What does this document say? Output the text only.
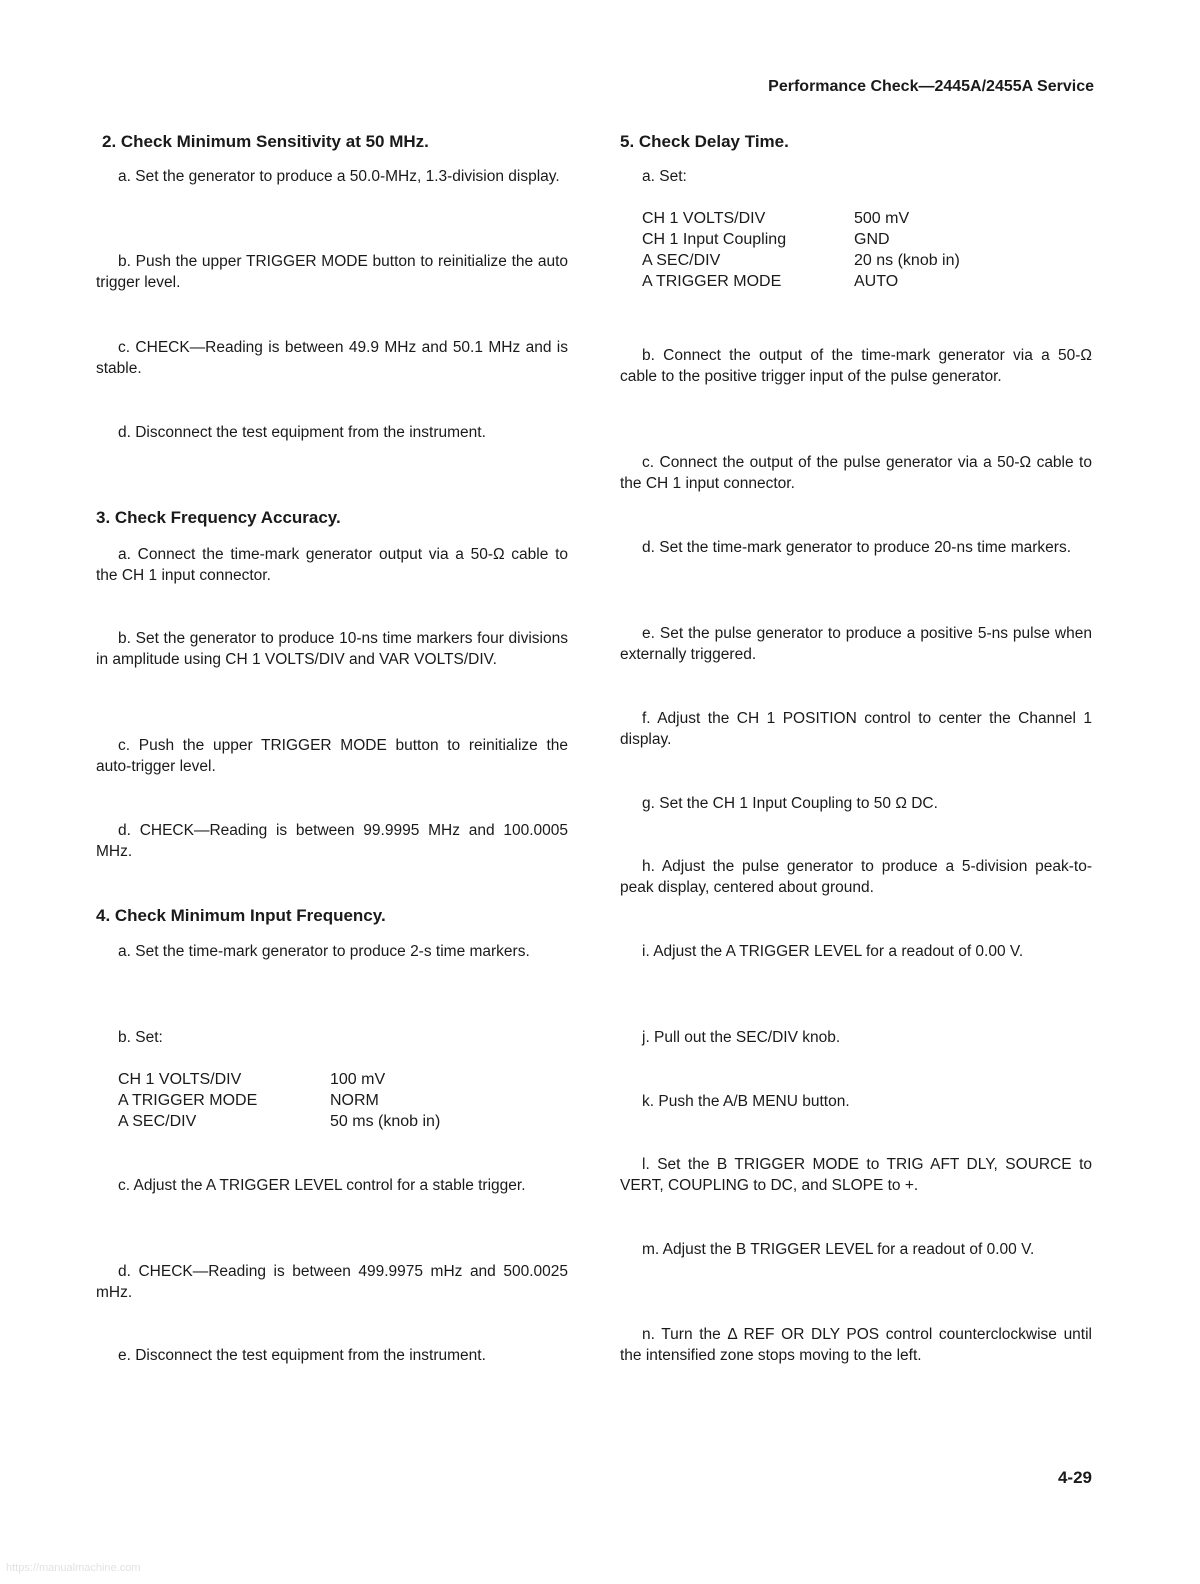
Performance Check—2445A/2455A Service
2. Check Minimum Sensitivity at 50 MHz.

a. Set the generator to produce a 50.0-MHz, 1.3-division display.

b. Push the upper TRIGGER MODE button to reinitialize the auto trigger level.

c. CHECK—Reading is between 49.9 MHz and 50.1 MHz and is stable.

d. Disconnect the test equipment from the instrument.

3. Check Frequency Accuracy.

a. Connect the time-mark generator output via a 50-Ω cable to the CH 1 input connector.

b. Set the generator to produce 10-ns time markers four divisions in amplitude using CH 1 VOLTS/DIV and VAR VOLTS/DIV.

c. Push the upper TRIGGER MODE button to reinitialize the auto-trigger level.

d. CHECK—Reading is between 99.9995 MHz and 100.0005 MHz.

4. Check Minimum Input Frequency.

a. Set the time-mark generator to produce 2-s time markers.

b. Set:

CH 1 VOLTS/DIV	100 mV
A TRIGGER MODE	NORM
A SEC/DIV	50 ms (knob in)

c. Adjust the A TRIGGER LEVEL control for a stable trigger.

d. CHECK—Reading is between 499.9975 mHz and 500.0025 mHz.

e. Disconnect the test equipment from the instrument.

5. Check Delay Time.

a. Set:

CH 1 VOLTS/DIV	500 mV
CH 1 Input Coupling	GND
A SEC/DIV	20 ns (knob in)
A TRIGGER MODE	AUTO

b. Connect the output of the time-mark generator via a 50-Ω cable to the positive trigger input of the pulse generator.

c. Connect the output of the pulse generator via a 50-Ω cable to the CH 1 input connector.

d. Set the time-mark generator to produce 20-ns time markers.

e. Set the pulse generator to produce a positive 5-ns pulse when externally triggered.

f. Adjust the CH 1 POSITION control to center the Channel 1 display.

g. Set the CH 1 Input Coupling to 50 Ω DC.

h. Adjust the pulse generator to produce a 5-division peak-to-peak display, centered about ground.

i. Adjust the A TRIGGER LEVEL for a readout of 0.00 V.

j. Pull out the SEC/DIV knob.

k. Push the A/B MENU button.

l. Set the B TRIGGER MODE to TRIG AFT DLY, SOURCE to VERT, COUPLING to DC, and SLOPE to +.

m. Adjust the B TRIGGER LEVEL for a readout of 0.00 V.

n. Turn the Δ REF OR DLY POS control counterclockwise until the intensified zone stops moving to the left.

4-29
https://manualmachine.com
